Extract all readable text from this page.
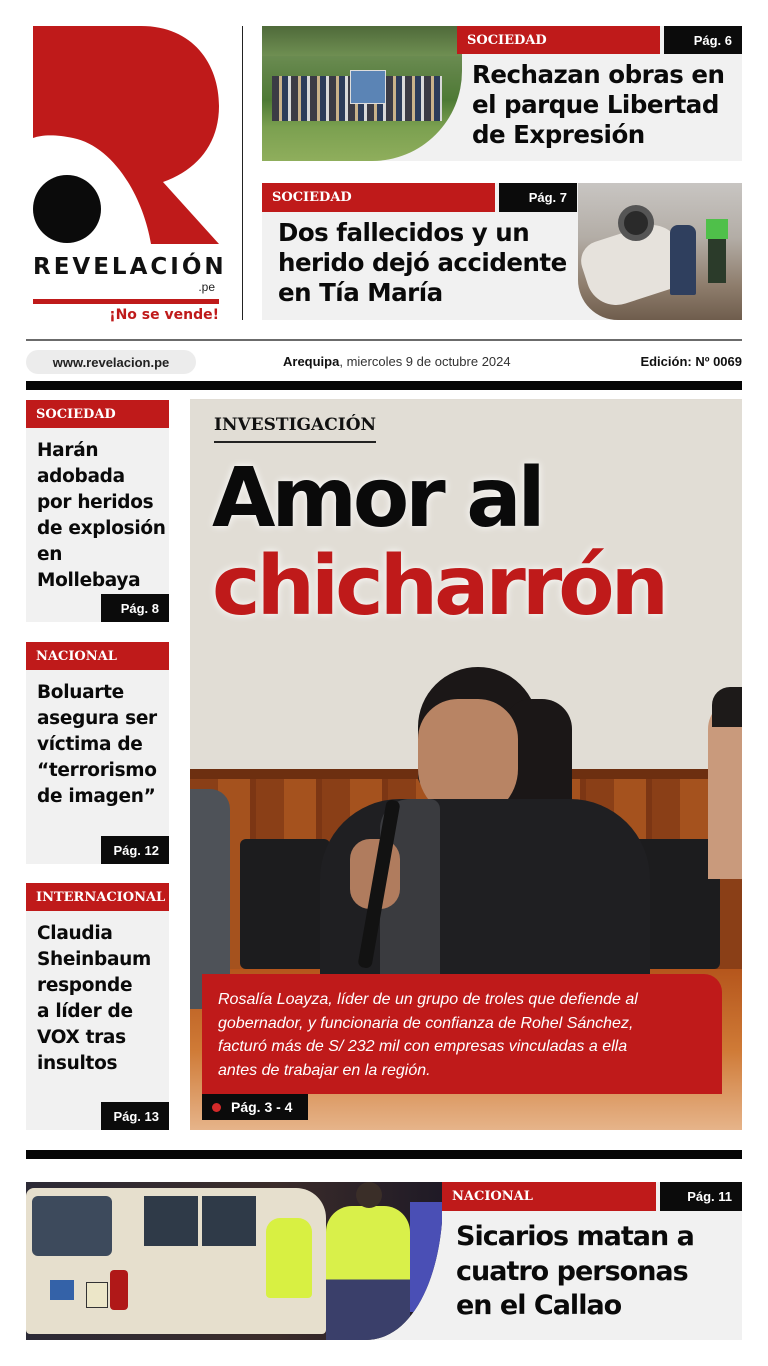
REVELACIÓN
.pe
¡No se vende!
SOCIEDAD	Pág. 6
Rechazan obras en
el parque Libertad
de Expresión
SOCIEDAD	Pág. 7
Dos fallecidos y un
herido dejó accidente
en Tía María
www.revelacion.pe	Arequipa, miercoles 9 de octubre 2024	Edición: Nº 0069
SOCIEDAD
Harán
adobada
por heridos
de explosión
en Mollebaya
Pág. 8
NACIONAL
Boluarte
asegura ser
víctima de
“terrorismo
de imagen”
Pág. 12
INTERNACIONAL
Claudia
Sheinbaum
responde
a líder de
VOX tras
insultos
Pág. 13
INVESTIGACIÓN
Amor al
chicharrón
Rosalía Loayza, líder de un grupo de troles que defiende al
gobernador, y funcionaria de confianza de Rohel Sánchez,
facturó más de S/ 232 mil con empresas vinculadas a ella
antes de trabajar en la región.
Pág. 3 - 4
NACIONAL	Pág. 11
Sicarios matan a
cuatro personas
en el Callao
